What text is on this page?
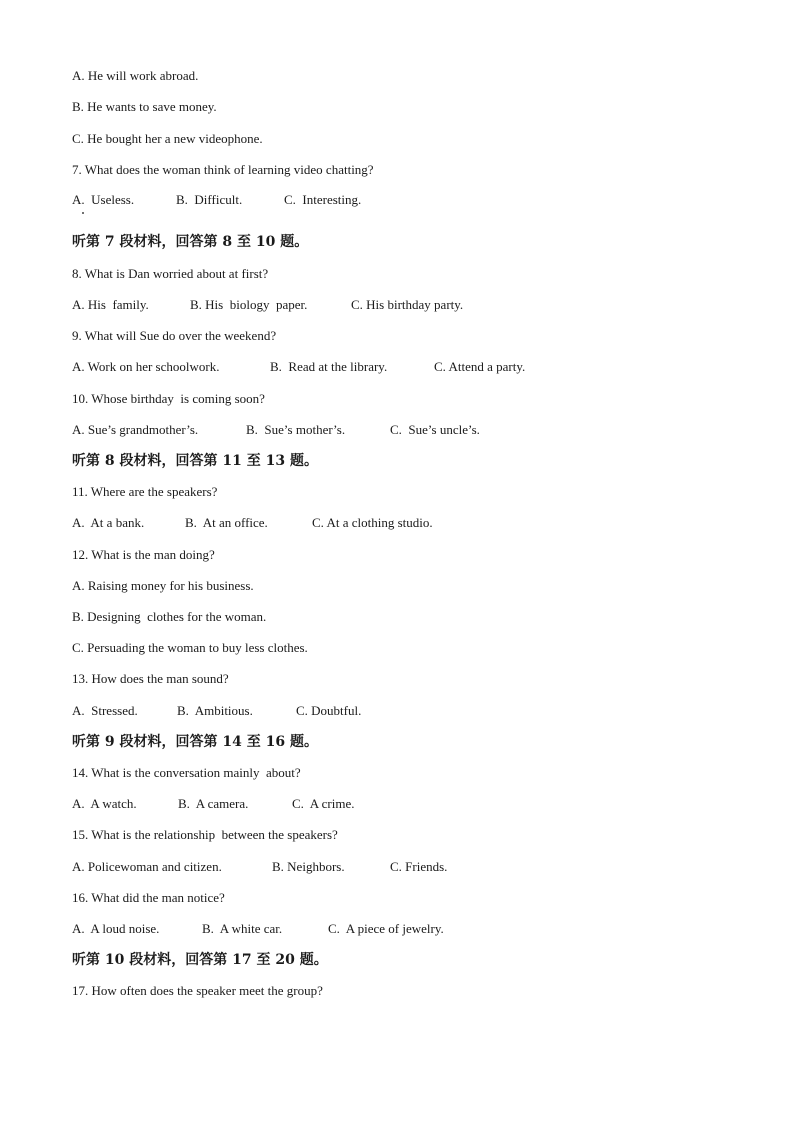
A. He will work abroad.
B. He wants to save money.
C. He bought her a new videophone.
7. What does the woman think of learning video chatting?

A.  Useless.

	B.  Difficult.

	C.  Interesting.

听第 7 段材料，回答第 8 至 10 题。
8. What is Dan worried about at first?

A. His  family.

	B. His  biology  paper.

	C. His birthday party.

9. What will Sue do over the weekend?

A. Work on her schoolwork.

	B.  Read at the library.

	C. Attend a party.

10. Whose birthday  is coming soon?

A. Sue’s grandmother’s.

	B.  Sue’s mother’s.

	C.  Sue’s uncle’s.

听第 8 段材料，回答第 11 至 13 题。
11. Where are the speakers?

A.  At a bank.

	B.  At an office.

	C. At a clothing studio.

12. What is the man doing?
A. Raising money for his business.
B. Designing  clothes for the woman.
C. Persuading the woman to buy less clothes.
13. How does the man sound?

A.  Stressed.

	B.  Ambitious.

	C. Doubtful.

听第 9 段材料，回答第 14 至 16 题。
14. What is the conversation mainly  about?

A.  A watch.

	B.  A camera.

	C.  A crime.

15. What is the relationship  between the speakers?

A. Policewoman and citizen.

	B. Neighbors.

	C. Friends.

16. What did the man notice?

A.  A loud noise.

	B.  A white car.

	C.  A piece of jewelry.

听第 10 段材料，回答第 17 至 20 题。
17. How often does the speaker meet the group?
